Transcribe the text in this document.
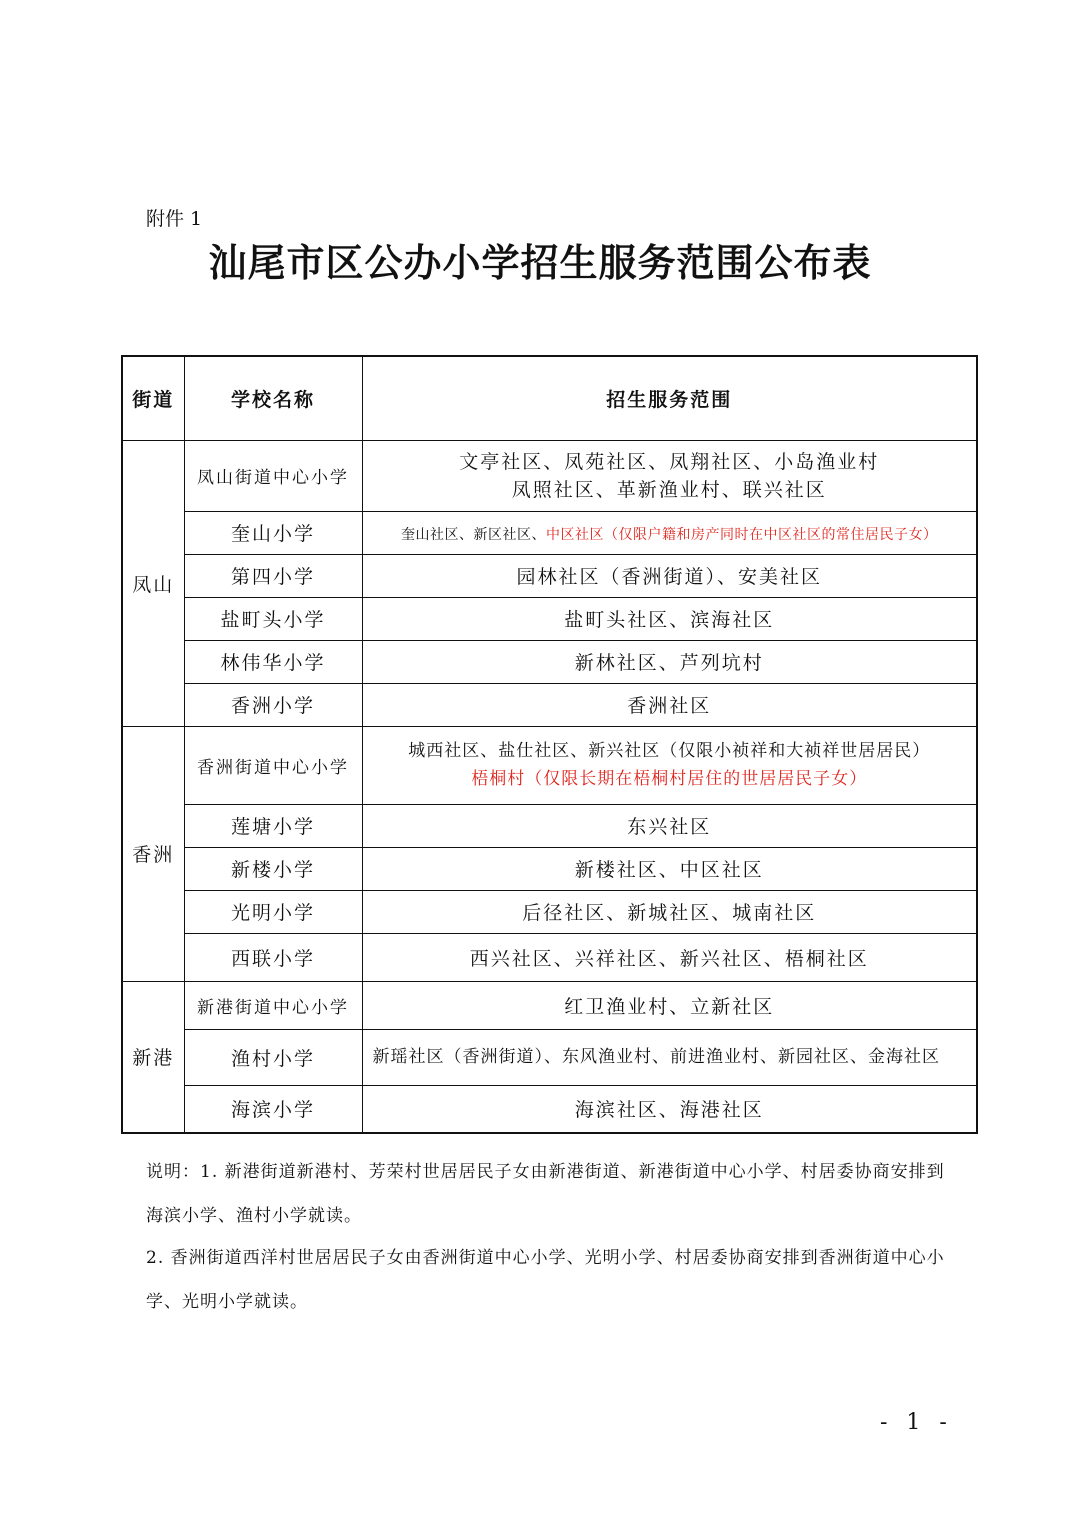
附件 1
汕尾市区公办小学招生服务范围公布表
街道	学校名称	招生服务范围
凤山	凤山街道中心小学	文亭社区、凤苑社区、凤翔社区、小岛渔业村
凤照社区、革新渔业村、联兴社区

	奎山小学	奎山社区、新区社区、中区社区（仅限户籍和房产同时在中区社区的常住居民子女）
	第四小学	园林社区（香洲街道）、安美社区
	盐町头小学	盐町头社区、滨海社区
	林伟华小学	新林社区、芦列坑村
	香洲小学	香洲社区
香洲	香洲街道中心小学	城西社区、盐仕社区、新兴社区（仅限小祯祥和大祯祥世居居民）
梧桐村（仅限长期在梧桐村居住的世居居民子女）

	莲塘小学	东兴社区
	新楼小学	新楼社区、中区社区
	光明小学	后径社区、新城社区、城南社区
	西联小学	西兴社区、兴祥社区、新兴社区、梧桐社区
新港	新港街道中心小学	红卫渔业村、立新社区
	渔村小学	新瑶社区（香洲街道）、东风渔业村、前进渔业村、新园社区、金海社区
	海滨小学	海滨社区、海港社区
说明：1. 新港街道新港村、芳荣村世居居民子女由新港街道、新港街道中心小学、村居委协商安排到海滨小学、渔村小学就读。
2. 香洲街道西洋村世居居民子女由香洲街道中心小学、光明小学、村居委协商安排到香洲街道中心小学、光明小学就读。
- 1 -
